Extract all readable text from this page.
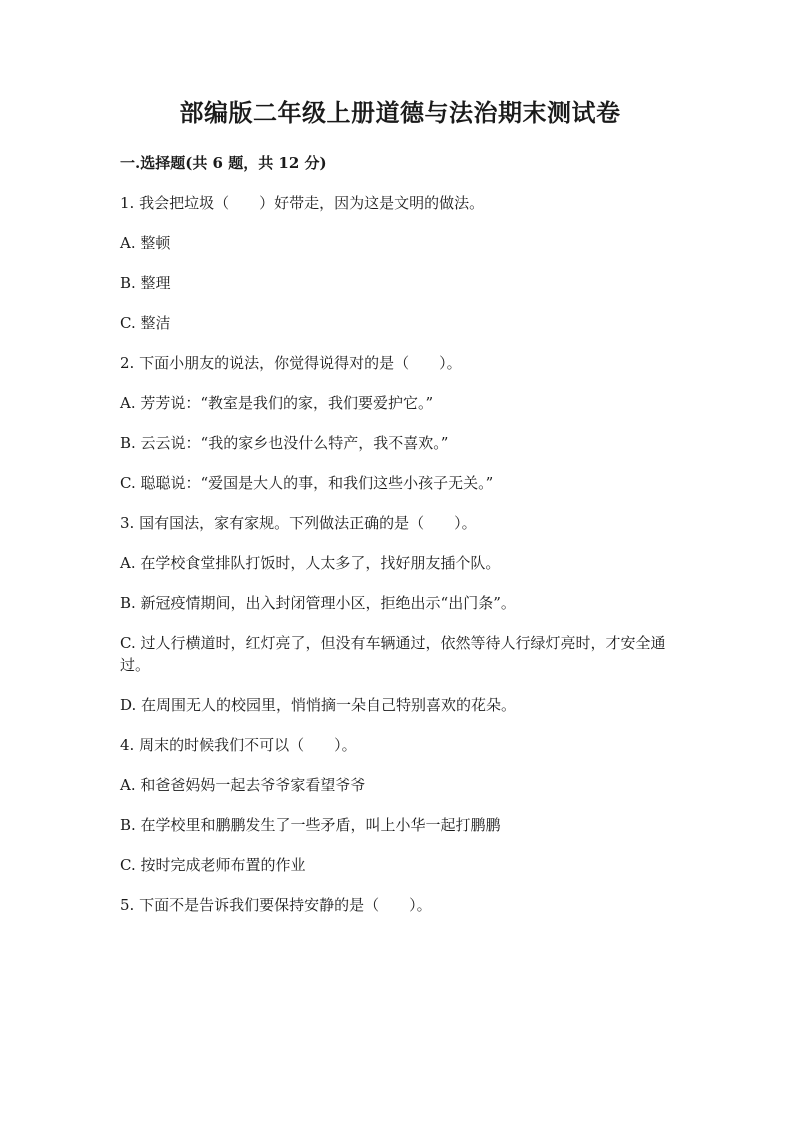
部编版二年级上册道德与法治期末测试卷
一.选择题(共 6 题，共 12 分)

1. 我会把垃圾（　　）好带走，因为这是文明的做法。

A. 整顿

B. 整理

C. 整洁

2. 下面小朋友的说法，你觉得说得对的是（　　）。

A. 芳芳说：“教室是我们的家，我们要爱护它。”

B. 云云说：“我的家乡也没什么特产，我不喜欢。”

C. 聪聪说：“爱国是大人的事，和我们这些小孩子无关。”

3. 国有国法，家有家规。下列做法正确的是（　　）。

A. 在学校食堂排队打饭时，人太多了，找好朋友插个队。

B. 新冠疫情期间，出入封闭管理小区，拒绝出示“出门条”。

C. 过人行横道时，红灯亮了，但没有车辆通过，依然等待人行绿灯亮时，才安全通过。

D. 在周围无人的校园里，悄悄摘一朵自己特别喜欢的花朵。

4. 周末的时候我们不可以（　　）。

A. 和爸爸妈妈一起去爷爷家看望爷爷

B. 在学校里和鹏鹏发生了一些矛盾，叫上小华一起打鹏鹏

C. 按时完成老师布置的作业

5. 下面不是告诉我们要保持安静的是（　　）。
